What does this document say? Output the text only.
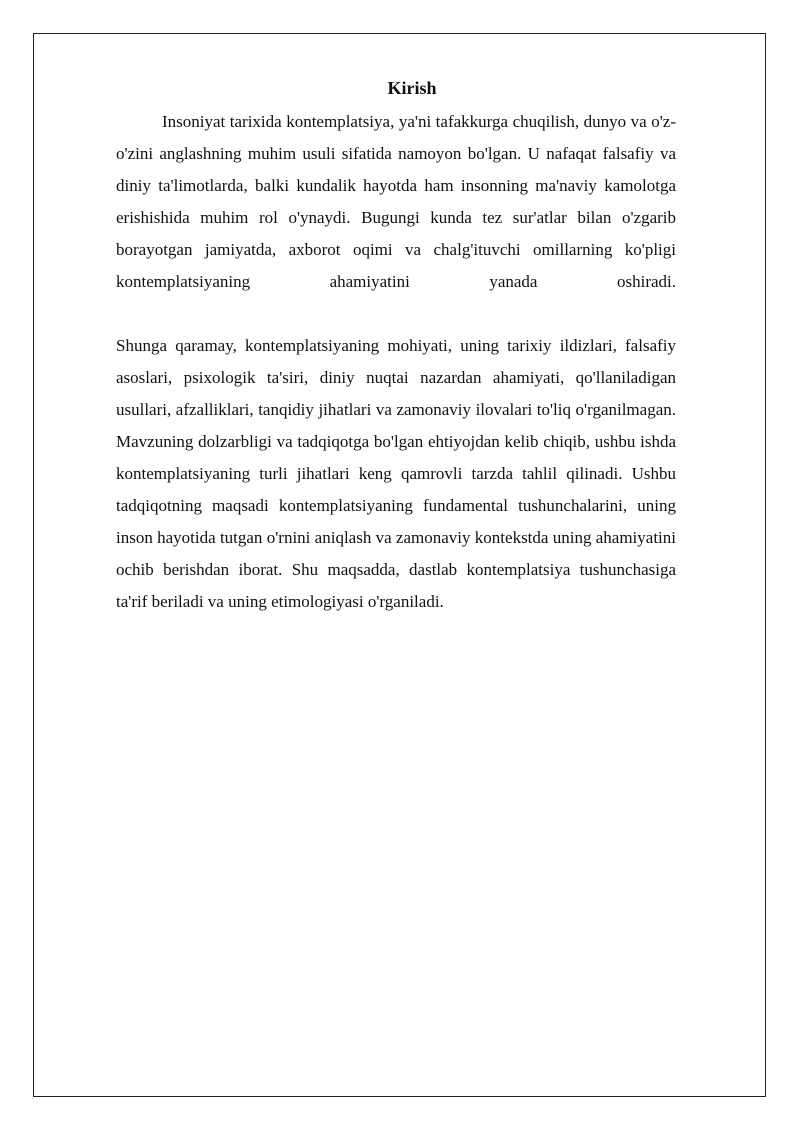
Kirish

Insoniyat tarixida kontemplatsiya, ya'ni tafakkurga chuqilish, dunyo va o'z-o'zini anglashning muhim usuli sifatida namoyon bo'lgan. U nafaqat falsafiy va diniy ta'limotlarda, balki kundalik hayotda ham insonning ma'naviy kamolotga erishishida muhim rol o'ynaydi. Bugungi kunda tez sur'atlar bilan o'zgarib borayotgan jamiyatda, axborot oqimi va chalg'ituvchi omillarning ko'pligi kontemplatsiyaning ahamiyatini yanada oshiradi.

Shunga qaramay, kontemplatsiyaning mohiyati, uning tarixiy ildizlari, falsafiy asoslari, psixologik ta'siri, diniy nuqtai nazardan ahamiyati, qo'llaniladigan usullari, afzalliklari, tanqidiy jihatlari va zamonaviy ilovalari to'liq o'rganilmagan. Mavzuning dolzarbligi va tadqiqotga bo'lgan ehtiyojdan kelib chiqib, ushbu ishda kontemplatsiyaning turli jihatlari keng qamrovli tarzda tahlil qilinadi. Ushbu tadqiqotning maqsadi kontemplatsiyaning fundamental tushunchalarini, uning inson hayotida tutgan o'rnini aniqlash va zamonaviy kontekstda uning ahamiyatini ochib berishdan iborat. Shu maqsadda, dastlab kontemplatsiya tushunchasiga ta'rif beriladi va uning etimologiyasi o'rganiladi.
